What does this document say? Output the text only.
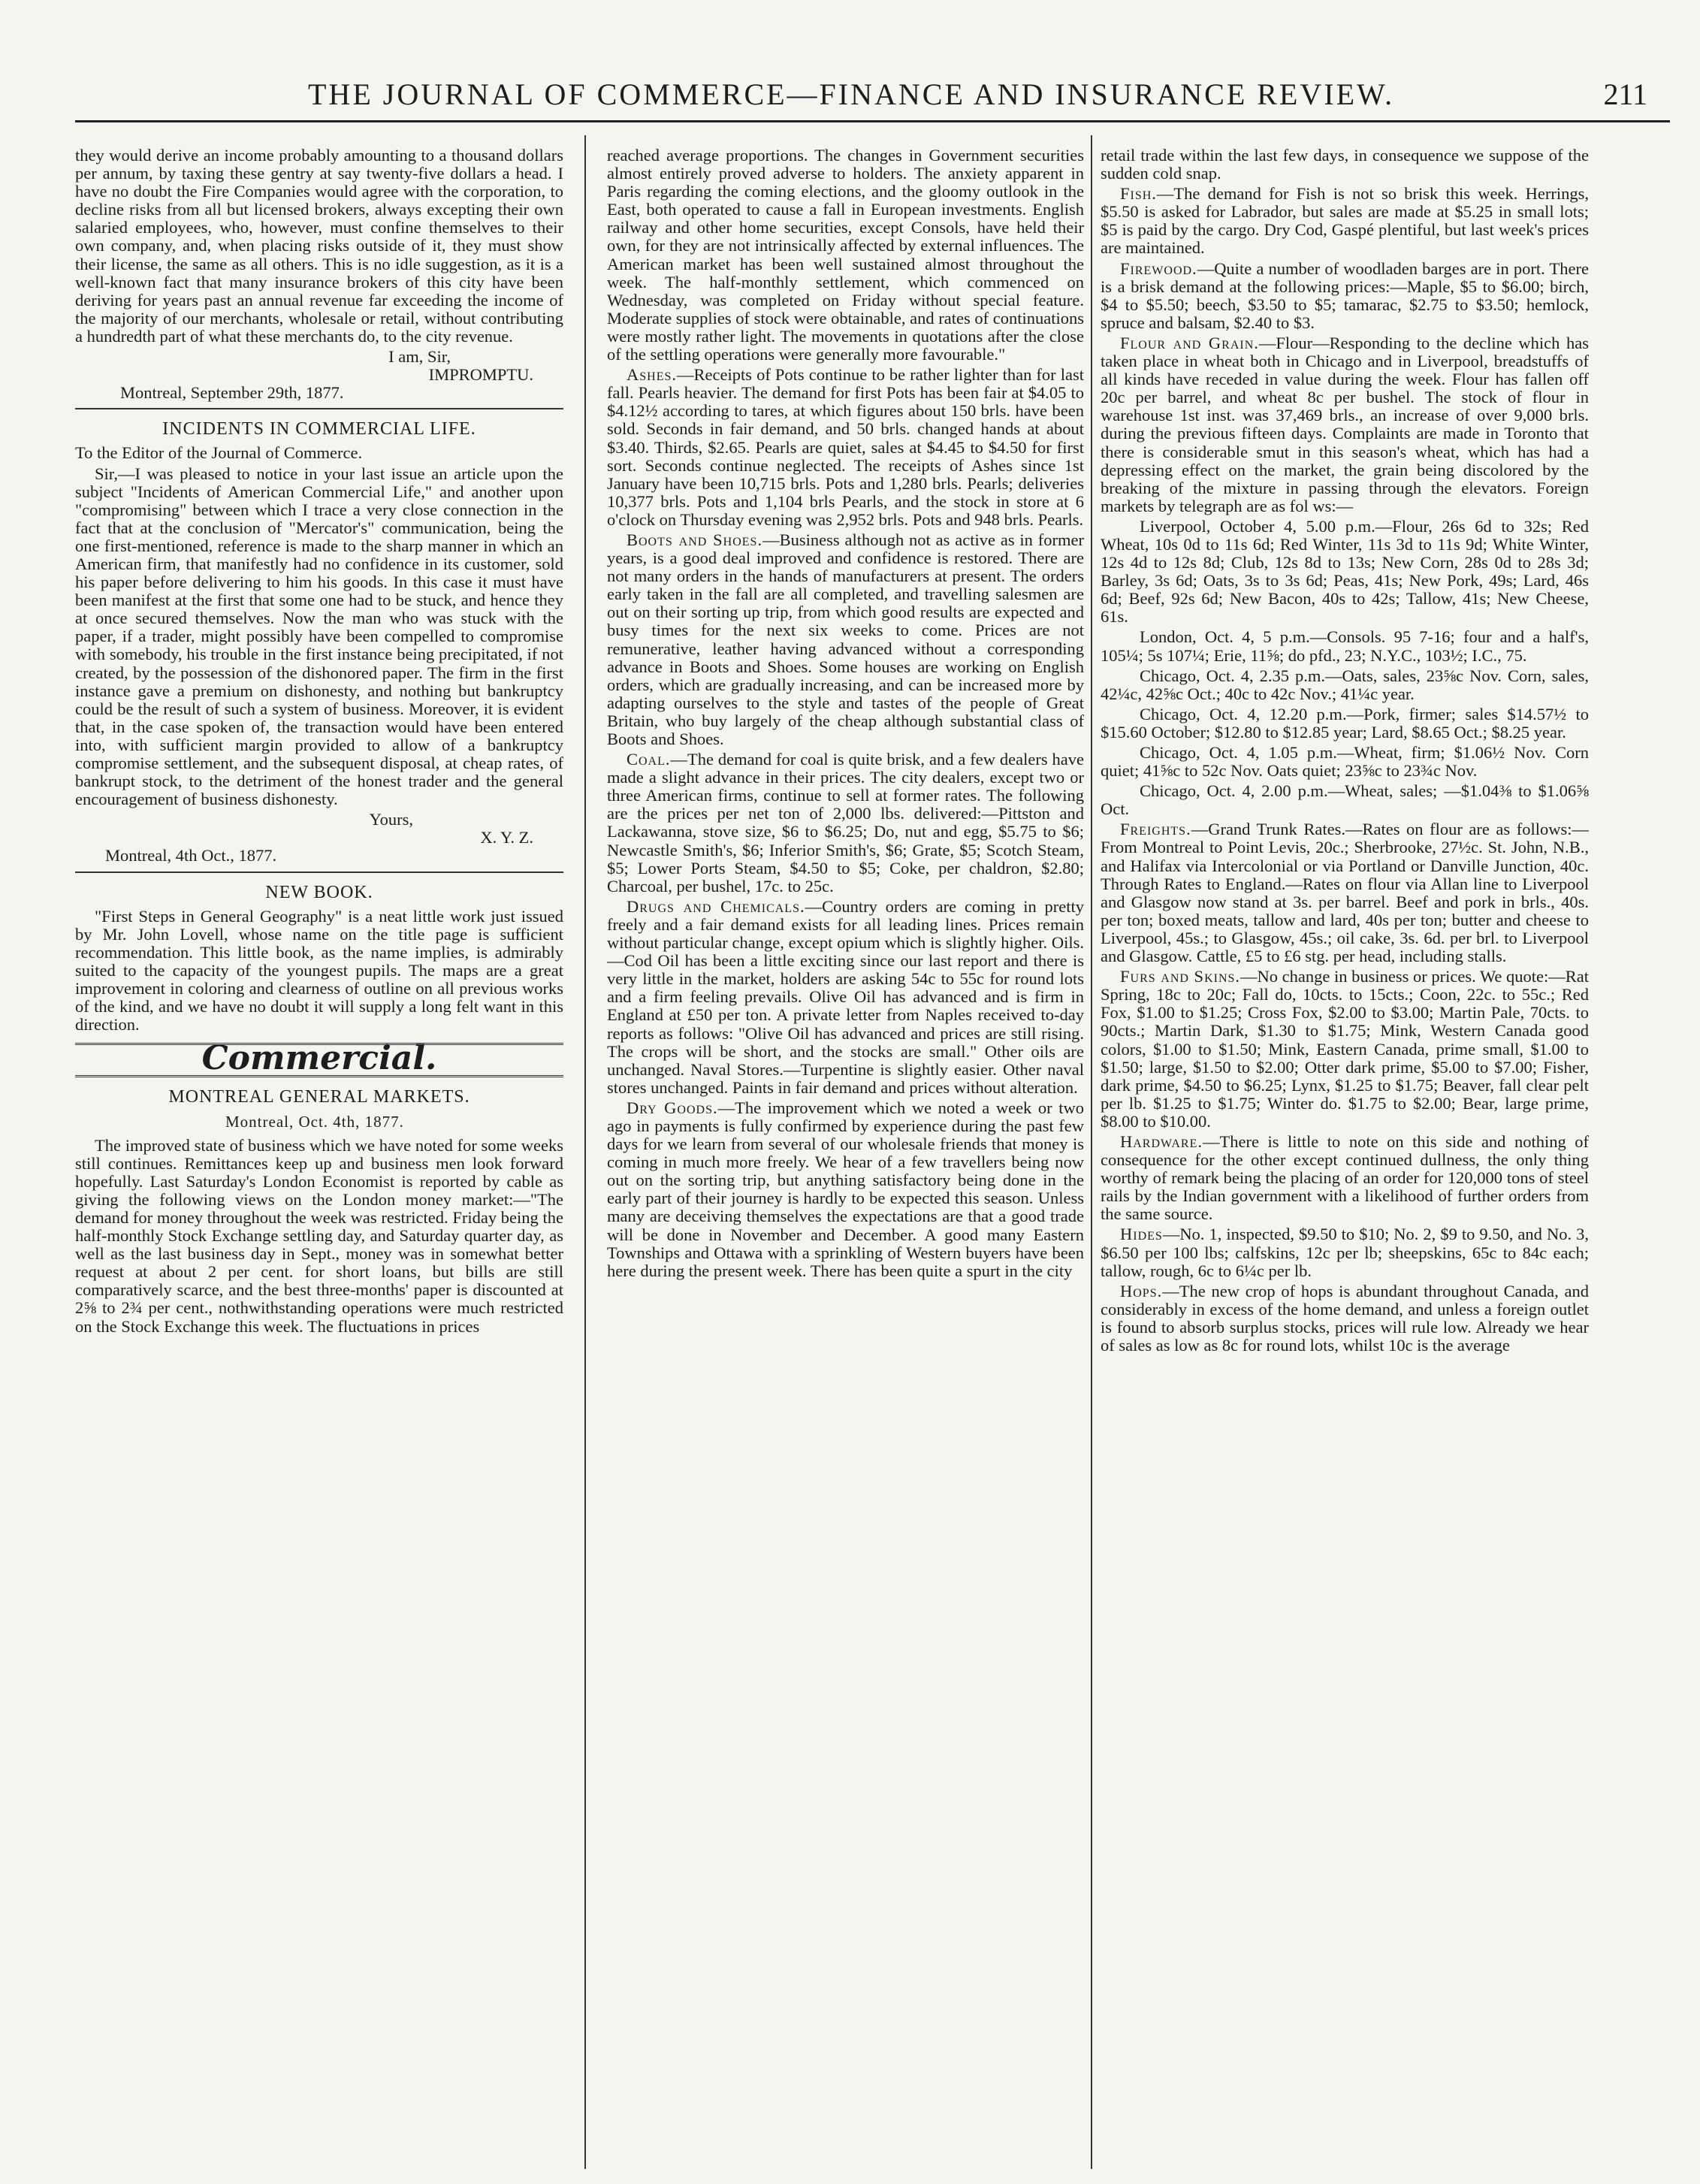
THE JOURNAL OF COMMERCE—FINANCE AND INSURANCE REVIEW.	211

they would derive an income probably amounting to a thousand dollars per annum, by taxing these gentry at say twenty-five dollars a head. I have no doubt the Fire Companies would agree with the corporation, to decline risks from all but licensed brokers, always excepting their own salaried employees, who, however, must confine themselves to their own company, and, when placing risks outside of it, they must show their license, the same as all others. This is no idle suggestion, as it is a well-known fact that many insurance brokers of this city have been deriving for years past an annual revenue far exceeding the income of the majority of our merchants, wholesale or retail, without contributing a hundredth part of what these merchants do, to the city revenue.

I am, Sir,
IMPROMPTU.
Montreal, September 29th, 1877.
INCIDENTS IN COMMERCIAL LIFE.

To the Editor of the Journal of Commerce.

Sir,—I was pleased to notice in your last issue an article upon the subject "Incidents of American Commercial Life," and another upon "compromising" between which I trace a very close connection in the fact that at the conclusion of "Mercator's" communication, being the one first-mentioned, reference is made to the sharp manner in which an American firm, that manifestly had no confidence in its customer, sold his paper before delivering to him his goods. In this case it must have been manifest at the first that some one had to be stuck, and hence they at once secured themselves. Now the man who was stuck with the paper, if a trader, might possibly have been compelled to compromise with somebody, his trouble in the first instance being precipitated, if not created, by the possession of the dishonored paper. The firm in the first instance gave a premium on dishonesty, and nothing but bankruptcy could be the result of such a system of business. Moreover, it is evident that, in the case spoken of, the transaction would have been entered into, with sufficient margin provided to allow of a bankruptcy compromise settlement, and the subsequent disposal, at cheap rates, of bankrupt stock, to the detriment of the honest trader and the general encouragement of business dishonesty.

Yours,
X. Y. Z.
Montreal, 4th Oct., 1877.
NEW BOOK.

"First Steps in General Geography" is a neat little work just issued by Mr. John Lovell, whose name on the title page is sufficient recommendation. This little book, as the name implies, is admirably suited to the capacity of the youngest pupils. The maps are a great improvement in coloring and clearness of outline on all previous works of the kind, and we have no doubt it will supply a long felt want in this direction.

Commercial.
MONTREAL GENERAL MARKETS.
Montreal, Oct. 4th, 1877.

The improved state of business which we have noted for some weeks still continues. Remittances keep up and business men look forward hopefully. Last Saturday's London Economist is reported by cable as giving the following views on the London money market:—"The demand for money throughout the week was restricted. Friday being the half-monthly Stock Exchange settling day, and Saturday quarter day, as well as the last business day in Sept., money was in somewhat better request at about 2 per cent. for short loans, but bills are still comparatively scarce, and the best three-months' paper is discounted at 2⅝ to 2¾ per cent., nothwithstanding operations were much restricted on the Stock Exchange this week. The fluctuations in prices

reached average proportions. The changes in Government securities almost entirely proved adverse to holders. The anxiety apparent in Paris regarding the coming elections, and the gloomy outlook in the East, both operated to cause a fall in European investments. English railway and other home securities, except Consols, have held their own, for they are not intrinsically affected by external influences. The American market has been well sustained almost throughout the week. The half-monthly settlement, which commenced on Wednesday, was completed on Friday without special feature. Moderate supplies of stock were obtainable, and rates of continuations were mostly rather light. The movements in quotations after the close of the settling operations were generally more favourable."

Ashes.—Receipts of Pots continue to be rather lighter than for last fall. Pearls heavier. The demand for first Pots has been fair at $4.05 to $4.12½ according to tares, at which figures about 150 brls. have been sold. Seconds in fair demand, and 50 brls. changed hands at about $3.40. Thirds, $2.65. Pearls are quiet, sales at $4.45 to $4.50 for first sort. Seconds continue neglected. The receipts of Ashes since 1st January have been 10,715 brls. Pots and 1,280 brls. Pearls; deliveries 10,377 brls. Pots and 1,104 brls Pearls, and the stock in store at 6 o'clock on Thursday evening was 2,952 brls. Pots and 948 brls. Pearls.

Boots and Shoes.—Business although not as active as in former years, is a good deal improved and confidence is restored. There are not many orders in the hands of manufacturers at present. The orders early taken in the fall are all completed, and travelling salesmen are out on their sorting up trip, from which good results are expected and busy times for the next six weeks to come. Prices are not remunerative, leather having advanced without a corresponding advance in Boots and Shoes. Some houses are working on English orders, which are gradually increasing, and can be increased more by adapting ourselves to the style and tastes of the people of Great Britain, who buy largely of the cheap although substantial class of Boots and Shoes.

Coal.—The demand for coal is quite brisk, and a few dealers have made a slight advance in their prices. The city dealers, except two or three American firms, continue to sell at former rates. The following are the prices per net ton of 2,000 lbs. delivered:—Pittston and Lackawanna, stove size, $6 to $6.25; Do, nut and egg, $5.75 to $6; Newcastle Smith's, $6; Inferior Smith's, $6; Grate, $5; Scotch Steam, $5; Lower Ports Steam, $4.50 to $5; Coke, per chaldron, $2.80; Charcoal, per bushel, 17c. to 25c.

Drugs and Chemicals.—Country orders are coming in pretty freely and a fair demand exists for all leading lines. Prices remain without particular change, except opium which is slightly higher. Oils.—Cod Oil has been a little exciting since our last report and there is very little in the market, holders are asking 54c to 55c for round lots and a firm feeling prevails. Olive Oil has advanced and is firm in England at £50 per ton. A private letter from Naples received to-day reports as follows: "Olive Oil has advanced and prices are still rising. The crops will be short, and the stocks are small." Other oils are unchanged. Naval Stores.—Turpentine is slightly easier. Other naval stores unchanged. Paints in fair demand and prices without alteration.

Dry Goods.—The improvement which we noted a week or two ago in payments is fully confirmed by experience during the past few days for we learn from several of our wholesale friends that money is coming in much more freely. We hear of a few travellers being now out on the sorting trip, but anything satisfactory being done in the early part of their journey is hardly to be expected this season. Unless many are deceiving themselves the expectations are that a good trade will be done in November and December. A good many Eastern Townships and Ottawa with a sprinkling of Western buyers have been here during the present week. There has been quite a spurt in the city

retail trade within the last few days, in consequence we suppose of the sudden cold snap.

Fish.—The demand for Fish is not so brisk this week. Herrings, $5.50 is asked for Labrador, but sales are made at $5.25 in small lots; $5 is paid by the cargo. Dry Cod, Gaspé plentiful, but last week's prices are maintained.

Firewood.—Quite a number of woodladen barges are in port. There is a brisk demand at the following prices:—Maple, $5 to $6.00; birch, $4 to $5.50; beech, $3.50 to $5; tamarac, $2.75 to $3.50; hemlock, spruce and balsam, $2.40 to $3.

Flour and Grain.—Flour—Responding to the decline which has taken place in wheat both in Chicago and in Liverpool, breadstuffs of all kinds have receded in value during the week. Flour has fallen off 20c per barrel, and wheat 8c per bushel. The stock of flour in warehouse 1st inst. was 37,469 brls., an increase of over 9,000 brls. during the previous fifteen days. Complaints are made in Toronto that there is considerable smut in this season's wheat, which has had a depressing effect on the market, the grain being discolored by the breaking of the mixture in passing through the elevators. Foreign markets by telegraph are as fol ws:—

Liverpool, October 4, 5.00 p.m.—Flour, 26s 6d to 32s; Red Wheat, 10s 0d to 11s 6d; Red Winter, 11s 3d to 11s 9d; White Winter, 12s 4d to 12s 8d; Club, 12s 8d to 13s; New Corn, 28s 0d to 28s 3d; Barley, 3s 6d; Oats, 3s to 3s 6d; Peas, 41s; New Pork, 49s; Lard, 46s 6d; Beef, 92s 6d; New Bacon, 40s to 42s; Tallow, 41s; New Cheese, 61s.

London, Oct. 4, 5 p.m.—Consols. 95 7-16; four and a half's, 105¼; 5s 107¼; Erie, 11⅝; do pfd., 23; N.Y.C., 103½; I.C., 75.

Chicago, Oct. 4, 2.35 p.m.—Oats, sales, 23⅝c Nov. Corn, sales, 42¼c, 42⅝c Oct.; 40c to 42c Nov.; 41¼c year.

Chicago, Oct. 4, 12.20 p.m.—Pork, firmer; sales $14.57½ to $15.60 October; $12.80 to $12.85 year; Lard, $8.65 Oct.; $8.25 year.

Chicago, Oct. 4, 1.05 p.m.—Wheat, firm; $1.06½ Nov. Corn quiet; 41⅝c to 52c Nov. Oats quiet; 23⅝c to 23¾c Nov.

Chicago, Oct. 4, 2.00 p.m.—Wheat, sales; —$1.04⅜ to $1.06⅝ Oct.

Freights.—Grand Trunk Rates.—Rates on flour are as follows:—From Montreal to Point Levis, 20c.; Sherbrooke, 27½c. St. John, N.B., and Halifax via Intercolonial or via Portland or Danville Junction, 40c. Through Rates to England.—Rates on flour via Allan line to Liverpool and Glasgow now stand at 3s. per barrel. Beef and pork in brls., 40s. per ton; boxed meats, tallow and lard, 40s per ton; butter and cheese to Liverpool, 45s.; to Glasgow, 45s.; oil cake, 3s. 6d. per brl. to Liverpool and Glasgow. Cattle, £5 to £6 stg. per head, including stalls.

Furs and Skins.—No change in business or prices. We quote:—Rat Spring, 18c to 20c; Fall do, 10cts. to 15cts.; Coon, 22c. to 55c.; Red Fox, $1.00 to $1.25; Cross Fox, $2.00 to $3.00; Martin Pale, 70cts. to 90cts.; Martin Dark, $1.30 to $1.75; Mink, Western Canada good colors, $1.00 to $1.50; Mink, Eastern Canada, prime small, $1.00 to $1.50; large, $1.50 to $2.00; Otter dark prime, $5.00 to $7.00; Fisher, dark prime, $4.50 to $6.25; Lynx, $1.25 to $1.75; Beaver, fall clear pelt per lb. $1.25 to $1.75; Winter do. $1.75 to $2.00; Bear, large prime, $8.00 to $10.00.

Hardware.—There is little to note on this side and nothing of consequence for the other except continued dullness, the only thing worthy of remark being the placing of an order for 120,000 tons of steel rails by the Indian government with a likelihood of further orders from the same source.

Hides—No. 1, inspected, $9.50 to $10; No. 2, $9 to 9.50, and No. 3, $6.50 per 100 lbs; calfskins, 12c per lb; sheepskins, 65c to 84c each; tallow, rough, 6c to 6¼c per lb.

Hops.—The new crop of hops is abundant throughout Canada, and considerably in excess of the home demand, and unless a foreign outlet is found to absorb surplus stocks, prices will rule low. Already we hear of sales as low as 8c for round lots, whilst 10c is the average
